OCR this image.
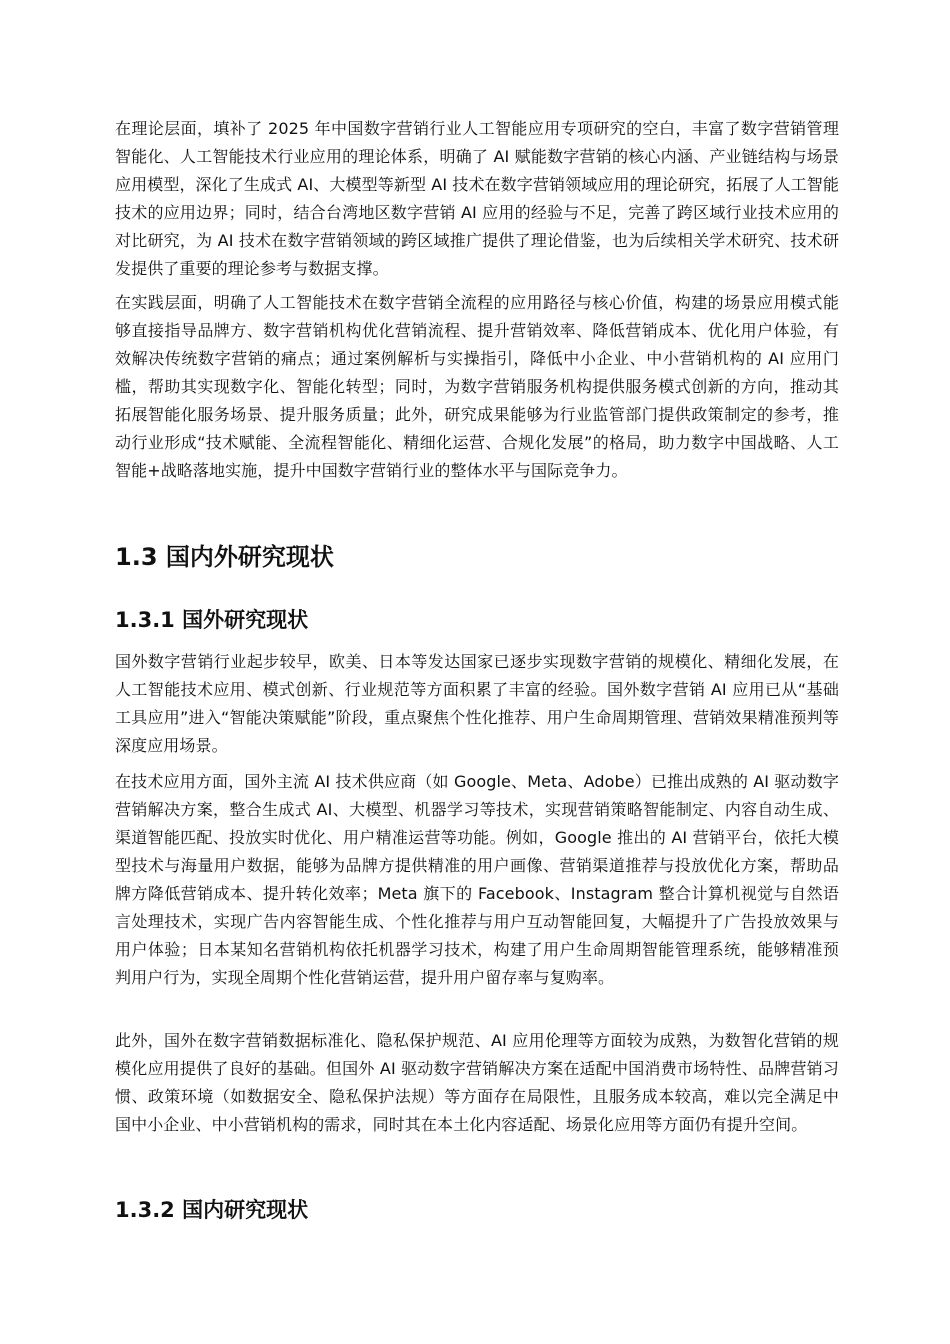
在理论层面，填补了 2025 年中国数字营销行业人工智能应用专项研究的空白，丰富了数字营销管理智能化、人工智能技术行业应用的理论体系，明确了 AI 赋能数字营销的核心内涵、产业链结构与场景应用模型，深化了生成式 AI、大模型等新型 AI 技术在数字营销领域应用的理论研究，拓展了人工智能技术的应用边界；同时，结合台湾地区数字营销 AI 应用的经验与不足，完善了跨区域行业技术应用的对比研究，为 AI 技术在数字营销领域的跨区域推广提供了理论借鉴，也为后续相关学术研究、技术研发提供了重要的理论参考与数据支撑。

在实践层面，明确了人工智能技术在数字营销全流程的应用路径与核心价值，构建的场景应用模式能够直接指导品牌方、数字营销机构优化营销流程、提升营销效率、降低营销成本、优化用户体验，有效解决传统数字营销的痛点；通过案例解析与实操指引，降低中小企业、中小营销机构的 AI 应用门槛，帮助其实现数字化、智能化转型；同时，为数字营销服务机构提供服务模式创新的方向，推动其拓展智能化服务场景、提升服务质量；此外，研究成果能够为行业监管部门提供政策制定的参考，推动行业形成“技术赋能、全流程智能化、精细化运营、合规化发展”的格局，助力数字中国战略、人工智能+战略落地实施，提升中国数字营销行业的整体水平与国际竞争力。

1.3 国内外研究现状
1.3.1 国外研究现状

国外数字营销行业起步较早，欧美、日本等发达国家已逐步实现数字营销的规模化、精细化发展，在人工智能技术应用、模式创新、行业规范等方面积累了丰富的经验。国外数字营销 AI 应用已从“基础工具应用”进入“智能决策赋能”阶段，重点聚焦个性化推荐、用户生命周期管理、营销效果精准预判等深度应用场景。

在技术应用方面，国外主流 AI 技术供应商（如 Google、Meta、Adobe）已推出成熟的 AI 驱动数字营销解决方案，整合生成式 AI、大模型、机器学习等技术，实现营销策略智能制定、内容自动生成、渠道智能匹配、投放实时优化、用户精准运营等功能。例如，Google 推出的 AI 营销平台，依托大模型技术与海量用户数据，能够为品牌方提供精准的用户画像、营销渠道推荐与投放优化方案，帮助品牌方降低营销成本、提升转化效率；Meta 旗下的 Facebook、Instagram 整合计算机视觉与自然语言处理技术，实现广告内容智能生成、个性化推荐与用户互动智能回复，大幅提升了广告投放效果与用户体验；日本某知名营销机构依托机器学习技术，构建了用户生命周期智能管理系统，能够精准预判用户行为，实现全周期个性化营销运营，提升用户留存率与复购率。

此外，国外在数字营销数据标准化、隐私保护规范、AI 应用伦理等方面较为成熟，为数智化营销的规模化应用提供了良好的基础。但国外 AI 驱动数字营销解决方案在适配中国消费市场特性、品牌营销习惯、政策环境（如数据安全、隐私保护法规）等方面存在局限性，且服务成本较高，难以完全满足中国中小企业、中小营销机构的需求，同时其在本土化内容适配、场景化应用等方面仍有提升空间。

1.3.2 国内研究现状
